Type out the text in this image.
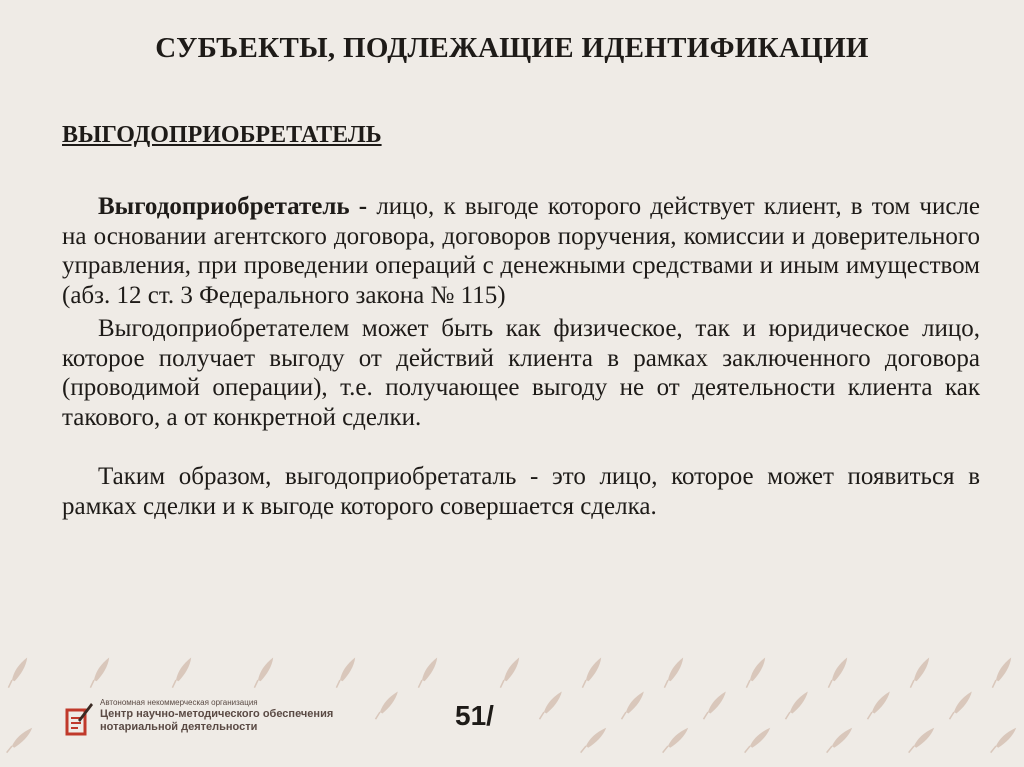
СУБЪЕКТЫ, ПОДЛЕЖАЩИЕ ИДЕНТИФИКАЦИИ
ВЫГОДОПРИОБРЕТАТЕЛЬ

Выгодоприобретатель - лицо, к выгоде которого действует клиент, в том числе на основании агентского договора, договоров поручения, комиссии и доверительного управления, при проведении операций с денежными средствами и иным имуществом (абз. 12 ст. 3 Федерального закона № 115)

Выгодоприобретателем может быть как физическое, так и юридическое лицо, которое получает выгоду от действий клиента в рамках заключенного договора (проводимой операции), т.е. получающее выгоду не от деятельности клиента как такового, а от конкретной сделки.

Таким образом, выгодоприобретаталь - это лицо, которое может появиться в рамках сделки и к выгоде которого совершается сделка.

Автономная некоммерческая организация
Центр научно-методического обеспечения
нотариальной деятельности	51/
